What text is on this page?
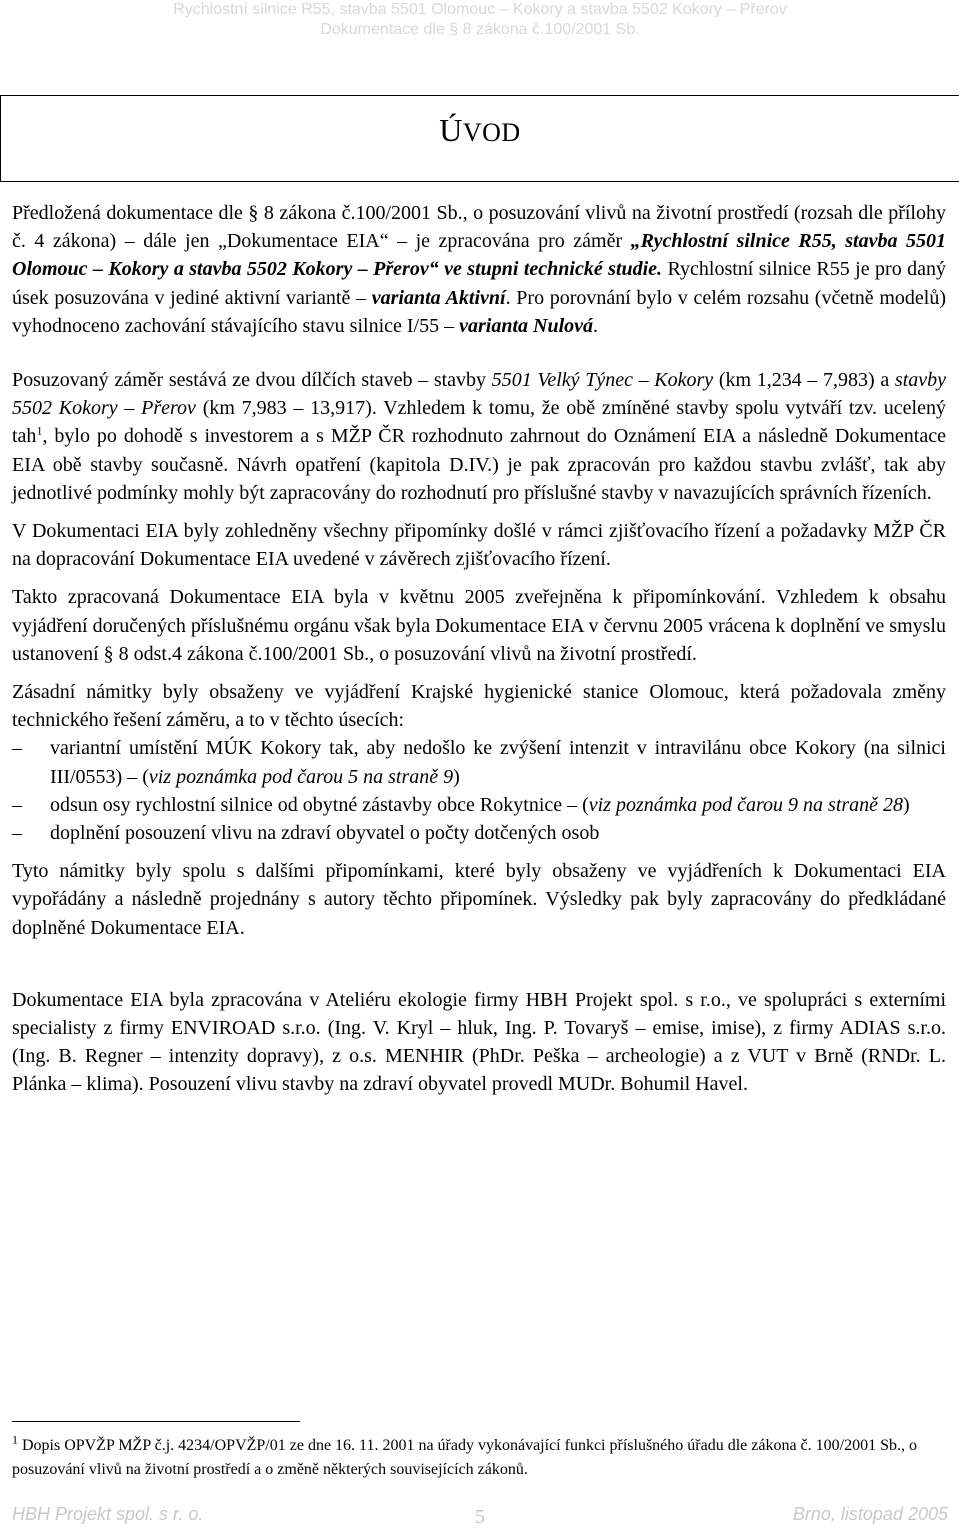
Rychlostní silnice R55, stavba 5501 Olomouc – Kokory a stavba 5502 Kokory – Přerov
Dokumentace dle § 8 zákona č.100/2001 Sb.
ÚVOD

Předložená dokumentace dle § 8 zákona č.100/2001 Sb., o posuzování vlivů na životní prostředí (rozsah dle přílohy č. 4 zákona) – dále jen „Dokumentace EIA“ – je zpracována pro záměr „Rychlostní silnice R55, stavba 5501 Olomouc – Kokory a stavba 5502 Kokory – Přerov“ ve stupni technické studie. Rychlostní silnice R55 je pro daný úsek posuzována v jediné aktivní variantě – varianta Aktivní. Pro porovnání bylo v celém rozsahu (včetně modelů) vyhodnoceno zachování stávajícího stavu silnice I/55 – varianta Nulová.

Posuzovaný záměr sestává ze dvou dílčích staveb – stavby 5501 Velký Týnec – Kokory (km 1,234 – 7,983) a stavby 5502 Kokory – Přerov (km 7,983 – 13,917). Vzhledem k tomu, že obě zmíněné stavby spolu vytváří tzv. ucelený tah$^1$, bylo po dohodě s investorem a s MŽP ČR rozhodnuto zahrnout do Oznámení EIA a následně Dokumentace EIA obě stavby současně. Návrh opatření (kapitola D.IV.) je pak zpracován pro každou stavbu zvlášť, tak aby jednotlivé podmínky mohly být zapracovány do rozhodnutí pro příslušné stavby v navazujících správních řízeních.

V Dokumentaci EIA byly zohledněny všechny připomínky došlé v rámci zjišťovacího řízení a požadavky MŽP ČR na dopracování Dokumentace EIA uvedené v závěrech zjišťovacího řízení.

Takto zpracovaná Dokumentace EIA byla v květnu 2005 zveřejněna k připomínkování. Vzhledem k obsahu vyjádření doručených příslušnému orgánu však byla Dokumentace EIA v červnu 2005 vrácena k doplnění ve smyslu ustanovení § 8 odst.4 zákona č.100/2001 Sb., o posuzování vlivů na životní prostředí.

Zásadní námitky byly obsaženy ve vyjádření Krajské hygienické stanice Olomouc, která požadovala změny technického řešení záměru, a to v těchto úsecích:

– variantní umístění MÚK Kokory tak, aby nedošlo ke zvýšení intenzit v intravilánu obce Kokory (na silnici III/0553) – (viz poznámka pod čarou 5 na straně 9)
– odsun osy rychlostní silnice od obytné zástavby obce Rokytnice – (viz poznámka pod čarou 9 na straně 28)
– doplnění posouzení vlivu na zdraví obyvatel o počty dotčených osob

Tyto námitky byly spolu s dalšími připomínkami, které byly obsaženy ve vyjádřeních k Dokumentaci EIA vypořádány a následně projednány s autory těchto připomínek. Výsledky pak byly zapracovány do předkládané doplněné Dokumentace EIA.

Dokumentace EIA byla zpracována v Ateliéru ekologie firmy HBH Projekt spol. s r.o., ve spolupráci s externími specialisty z firmy ENVIROAD s.r.o. (Ing. V. Kryl – hluk, Ing. P. Tovaryš – emise, imise), z firmy ADIAS s.r.o. (Ing. B. Regner – intenzity dopravy), z o.s. MENHIR (PhDr. Peška – archeologie) a z VUT v Brně (RNDr. L. Plánka – klima). Posouzení vlivu stavby na zdraví obyvatel provedl MUDr. Bohumil Havel.

$^1$ Dopis OPVŽP MŽP č.j. 4234/OPVŽP/01 ze dne 16. 11. 2001 na úřady vykonávající funkci příslušného úřadu dle zákona č. 100/2001 Sb., o posuzování vlivů na životní prostředí a o změně některých souvisejících zákonů.
HBH Projekt spol. s r. o.	5	Brno, listopad 2005
